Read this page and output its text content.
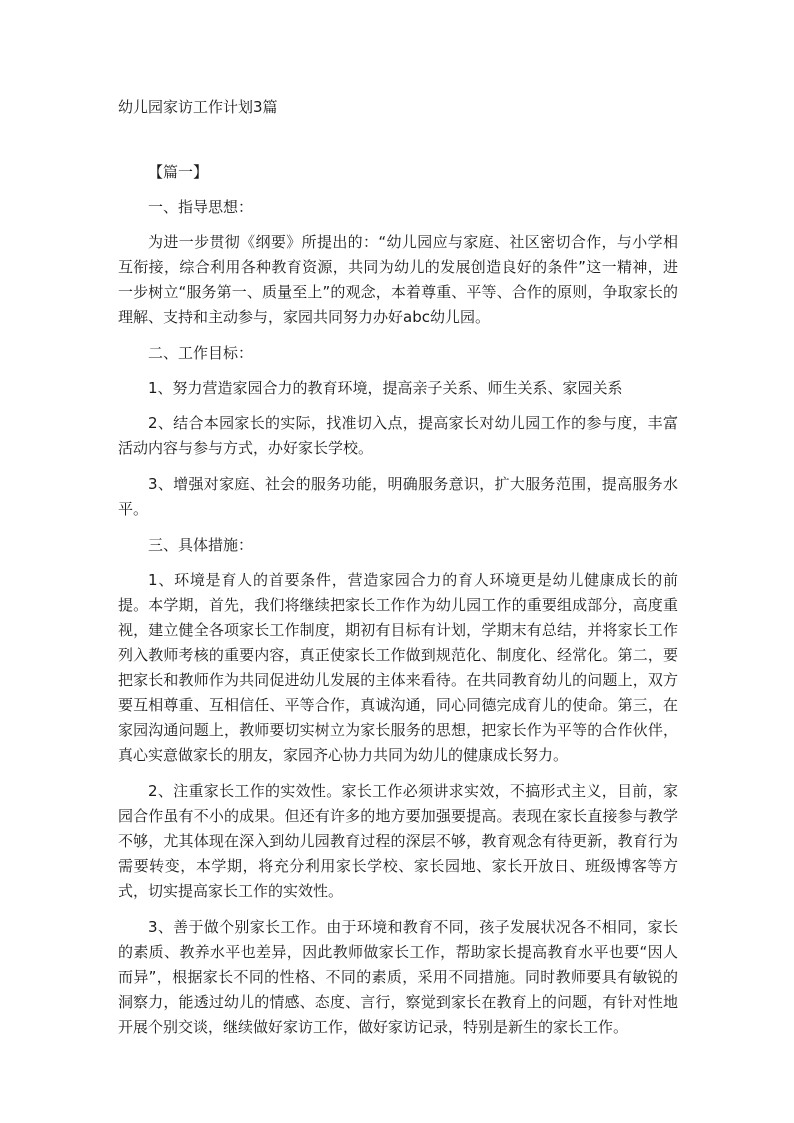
幼儿园家访工作计划3篇

【篇一】

一、指导思想：

为进一步贯彻《纲要》所提出的：“幼儿园应与家庭、社区密切合作，与小学相互衔接，综合利用各种教育资源，共同为幼儿的发展创造良好的条件”这一精神，进一步树立“服务第一、质量至上”的观念，本着尊重、平等、合作的原则，争取家长的理解、支持和主动参与，家园共同努力办好abc幼儿园。

二、工作目标：

1、努力营造家园合力的教育环境，提高亲子关系、师生关系、家园关系

2、结合本园家长的实际，找准切入点，提高家长对幼儿园工作的参与度，丰富活动内容与参与方式，办好家长学校。

3、增强对家庭、社会的服务功能，明确服务意识，扩大服务范围，提高服务水平。

三、具体措施：

1、环境是育人的首要条件，营造家园合力的育人环境更是幼儿健康成长的前提。本学期，首先，我们将继续把家长工作作为幼儿园工作的重要组成部分，高度重视，建立健全各项家长工作制度，期初有目标有计划，学期末有总结，并将家长工作列入教师考核的重要内容，真正使家长工作做到规范化、制度化、经常化。第二，要把家长和教师作为共同促进幼儿发展的主体来看待。在共同教育幼儿的问题上，双方要互相尊重、互相信任、平等合作，真诚沟通，同心同德完成育儿的使命。第三，在家园沟通问题上，教师要切实树立为家长服务的思想，把家长作为平等的合作伙伴，真心实意做家长的朋友，家园齐心协力共同为幼儿的健康成长努力。

2、注重家长工作的实效性。家长工作必须讲求实效，不搞形式主义，目前，家园合作虽有不小的成果。但还有许多的地方要加强要提高。表现在家长直接参与教学不够，尤其体现在深入到幼儿园教育过程的深层不够，教育观念有待更新，教育行为需要转变，本学期，将充分利用家长学校、家长园地、家长开放日、班级博客等方式，切实提高家长工作的实效性。

3、善于做个别家长工作。由于环境和教育不同，孩子发展状况各不相同，家长的素质、教养水平也差异，因此教师做家长工作，帮助家长提高教育水平也要“因人而异”，根据家长不同的性格、不同的素质，采用不同措施。同时教师要具有敏锐的洞察力，能透过幼儿的情感、态度、言行，察觉到家长在教育上的问题，有针对性地开展个别交谈，继续做好家访工作，做好家访记录，特别是新生的家长工作。
